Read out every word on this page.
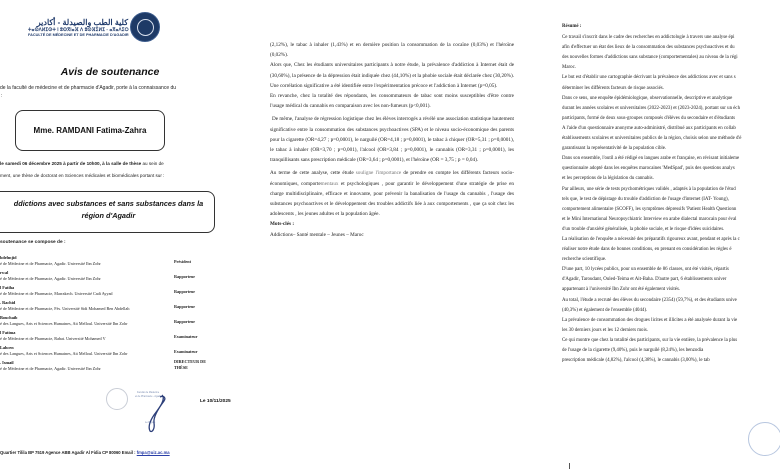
كلية الطب والصيدلة - أكادير
ⵜⴰⵙⴷⵍⵉⵙⵜ ⵏ ⵓⵙⴳⵏⴰⴼ ⴷ ⵓⵙⴼⵉⵍⵉ - ⴰⴳⴰⴷⵉⵔ
FACULTÉ DE MÉDECINE ET DE PHARMACIE D'AGADIR
Avis de soutenance
de la faculté de médecine et de pharmacie d'Agadir, porte à la connaissance du
:
Mme. RAMDANI Fatima-Zahra
le samedi 06 décembre 2025 à partir de 10h00, à la salle de thèse au sein de
ment, une thèse de doctorat en Sciences médicales et biomédicales portant sur :
ddictions avec substances et sans substances dans la
région d'Agadir
soutenance se compose de :
bdelmjid
é de Médecine et de Pharmacie, Agadir. Université Ibn Zohr	Président
rwal
é de Médecine et de Pharmacie, Agadir. Université Ibn Zohr	Rapporteur
l Fatiha
é de Médecine et de Pharmacie, Marrakech. Université Cadi Ayyad	Rapporteur
. Rachid
é de Médecine et de Pharmacie, Fès. Université Sidi Mohamed Ben Abdellah	Rapporteur
Bouchaib
é des Langues, Arts et Sciences Humaines, Ait Melloul. Université Ibn Zohr	Rapporteur
l Fatima
é de Médecine et de Pharmacie, Rabat. Université Mohamed V	Examinateur
Lahcen
é des Langues, Arts et Sciences Humaines, Ait Melloul. Université Ibn Zohr	Examinateur
. Ismail
é de Médecine et de Pharmacie, Agadir. Université Ibn Zohr
DIRECTEUR DE THÈSE
Faculté de Médecine
et de Pharmacie - Agadir
Le Doyen
Le 10/11/2025
Quartier Tilila BP 7519 Agence ABB Agadir Al Fidia CP 80060 Email : fmpa@uiz.ac.ma

(2,12%), le tabac à inhaler (1,43%) et en dernière position la consommation de la cocaïne (0,03%) et l'héroïne (0,02%).

Alors que, Chez les étudiants universitaires participants à notre étude, la prévalence d'addiction à Internet était de (30,60%), la présence de la dépression était indiquée chez (44,10%) et la phobie sociale était déclarée chez (30,20%). Une corrélation significative a été identifiée entre l'expérimentation précoce et l'addiction à Internet (p=0,05).

En revanche, chez la totalité des répondants, les consommateurs de tabac sont moins susceptibles d'être contre l'usage médical du cannabis en comparaison avec les non-fumeurs (p<0,001).

De même, l'analyse de régression logistique chez les élèves interrogés a révélé une association statistique hautement significative entre la consommation des substances psychoactives (SPA) et le niveau socio-économique des parents pour la cigarette (OR=4,27 ; p=0,0001), le narguilé (OR=4,18 ; p=0,0001), le tabac à chiquer (OR=5,31 ; p=0,0001), le tabac à inhaler (OR=3,70 ; p=0,001), l'alcool (OR=3,84 ; p=0,0001), le cannabis (OR=3,31 ; p=0,0001), les tranquillisants sans prescription médicale (OR=3,64 ; p=0,0001), et l'héroïne (OR = 3,75 ; p = 0,04).

Au terme de cette analyse, cette étude souligne l'importance de prendre en compte les différents facteurs socio-économiques, comportementaux et psychologiques , pour garantir le développement d'une stratégie de prise en charge multidisciplinaire, efficace et innovante, pour prévenir la banalisation de l'usage du cannabis , l'usage des substances psychoactives et le développement des troubles addictifs liée à aux comportements , que ça soit chez les adolescents , les jeunes adultes et la population âgée.

Mots-clés :

Addictions– Santé mentale – Jeunes – Maroc

Résumé :

Ce travail s'inscrit dans le cadre des recherches en addictologie à travers une analyse épi

afin d'effectuer un état des lieux de la consommation des substances psychoactives et du

des nouvelles formes d'addictions sans substance (comportementales) au niveau de la régi

Maroc.

Le but est d'établir une cartographie décrivant la prévalence des addictions avec et sans s

déterminer les différents facteurs de risque associés.

Dans ce sens, une enquête épidémiologique, observationnelle, descriptive et analytique

durant les années scolaires et universitaires (2022-2023) et (2023-2024), portant sur un éch

participants, formé de deux sous-groupes composés d'élèves du secondaire et d'étudiants

A l'aide d'un questionnaire anonyme auto-administré, distribué aux participants en collab

établissements scolaires et universitaires publics de la région, choisis selon une méthode d'é

garantissant la représentativité de la population cible.

Dans son ensemble, l'outil a été rédigé en langues arabe et française, en révisant initialeme

questionnaire adopté dans les enquêtes marocaines 'MedSpad', puis des questions analys

et les perceptions de la législation du cannabis.

Par ailleurs, une série de tests psychométriques validés , adaptés à la population de l'étud

tels que, le test de dépistage du trouble d'addiction de l'usage d'internet (IAT- Young),

comportement alimentaire (SCOFF), les symptômes dépressifs 'Patient Health Questionn

et le Mini International Neuropsychiatric Interview en arabe dialectal marocain pour éval

d'un trouble d'anxiété généralisée, la phobie sociale, et le risque d'idées suicidaires.

La réalisation de l'enquête a nécessité des préparatifs rigoureux avant, pendant et après la c

réaliser notre étude dans de bonnes conditions, en prenant en considération les règles é

recherche scientifique.

D'une part, 10 lycées publics, pour un ensemble de 86 classes, ont été visités, répartis

d'Agadir, Taroudant, Ouled-Teima et Ait-Baha. D'autre part, 6 établissements univer

appartenant à l'université Ibn Zohr ont été également visités.

Au total, l'étude a recruté des élèves du secondaire (2354) (59,7%), et des étudiants unive

(40,3%) et également de l'ensemble (4044).

La prévalence de consommation des drogues licites et illicites a été analysée durant la vie

les 30 derniers jours et les 12 derniers mois.

Ce qui montre que chez la totalité des participants, sur la vie entière, la prévalence la plus

de l'usage de la cigarette (9,40%), puis le narguilé (8,24%), les benzodia

prescription médicale (4,82%), l'alcool (4,38%), le cannabis (3,00%), le tab
